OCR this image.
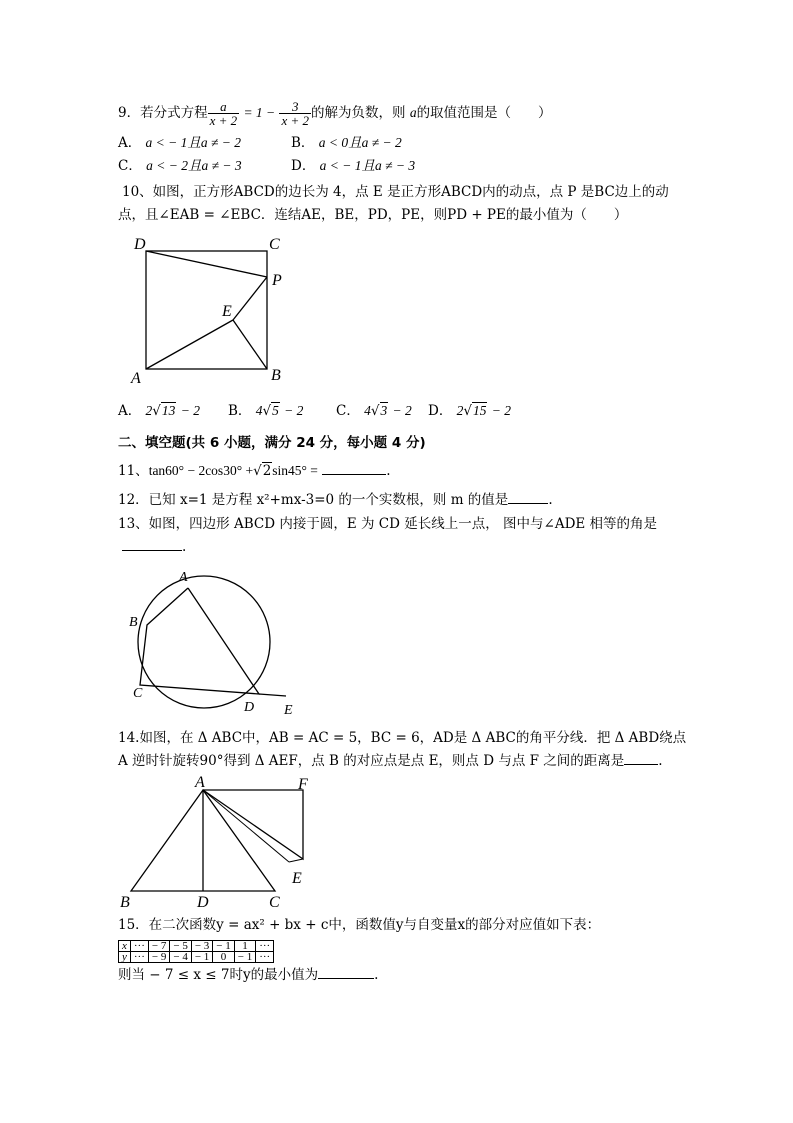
9．若分式方程 $\frac{a}{x + 2} = 1 - \frac{3}{x + 2}$ 的解为负数，则 a的取值范围是（　　）
A． a < − 1且a ≠ − 2	B． a < 0且a ≠ − 2
C． a < − 2且a ≠ − 3	D． a < − 1且a ≠ − 3
10、如图，正方形ABCD的边长为 4，点 E 是正方形ABCD内的动点，点 P 是BC边上的动
点，且∠EAB = ∠EBC．连结AE，BE，PD，PE，则PD + PE的最小值为（　　）
D	C
P
E
A	B
A． 2√13 − 2 B． 4√5 − 2 C． 4√3 − 2 D． 2√15 − 2
二、填空题(共 6 小题，满分 24 分，每小题 4 分)
11、tan60° − 2cos30° +√2sin45° =	.
12．已知 x=1 是方程 x²+mx-3=0 的一个实数根，则 m 的值是	.
13、如图，四边形 ABCD 内接于圆，E 为 CD 延长线上一点， 图中与∠ADE 相等的角是
.
A
B
C
D E
14.如图，在 Δ ABC中，AB = AC = 5，BC = 6，AD是 Δ ABC的角平分线．把 Δ ABD绕点
A 逆时针旋转90°得到 Δ AEF，点 B 的对应点是点 E，则点 D 与点 F 之间的距离是	.
A	F
E
B	D	C
15．在二次函数y = ax² + bx + c中，函数值y与自变量x的部分对应值如下表：
x	···	− 7	− 5	− 3	− 1	1	···
y	···	− 9	− 4	− 1	0	− 1	···
则当 − 7 ≤ x ≤ 7时y的最小值为	.
